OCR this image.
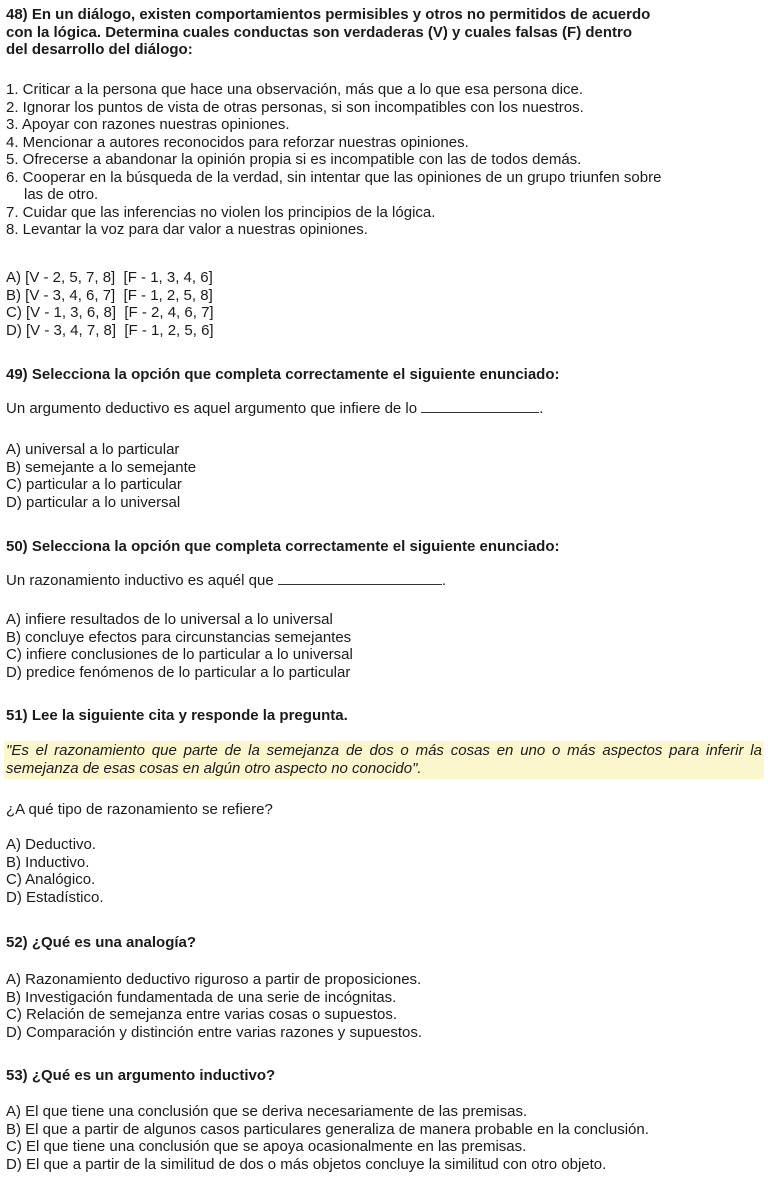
48) En un diálogo, existen comportamientos permisibles y otros no permitidos de acuerdo

con la lógica. Determina cuales conductas son verdaderas (V) y cuales falsas (F) dentro

del desarrollo del diálogo:

1. Criticar a la persona que hace una observación, más que a lo que esa persona dice.

2. Ignorar los puntos de vista de otras personas, si son incompatibles con los nuestros.

3. Apoyar con razones nuestras opiniones.

4. Mencionar a autores reconocidos para reforzar nuestras opiniones.

5. Ofrecerse a abandonar la opinión propia si es incompatible con las de todos demás.

6. Cooperar en la búsqueda de la verdad, sin intentar que las opiniones de un grupo triunfen sobre

las de otro.

7. Cuidar que las inferencias no violen los principios de la lógica.

8. Levantar la voz para dar valor a nuestras opiniones.

A) [V - 2, 5, 7, 8]  [F - 1, 3, 4, 6]

B) [V - 3, 4, 6, 7]  [F - 1, 2, 5, 8]

C) [V - 1, 3, 6, 8]  [F - 2, 4, 6, 7]

D) [V - 3, 4, 7, 8]  [F - 1, 2, 5, 6]

49) Selecciona la opción que completa correctamente el siguiente enunciado:

Un argumento deductivo es aquel argumento que infiere de lo	.

A) universal a lo particular

B) semejante a lo semejante

C) particular a lo particular

D) particular a lo universal

50) Selecciona la opción que completa correctamente el siguiente enunciado:

Un razonamiento inductivo es aquél que	.

A) infiere resultados de lo universal a lo universal

B) concluye efectos para circunstancias semejantes

C) infiere conclusiones de lo particular a lo universal

D) predice fenómenos de lo particular a lo particular

51) Lee la siguiente cita y responde la pregunta.

"Es el razonamiento que parte de la semejanza de dos o más cosas en uno o más aspectos para inferir la semejanza de esas cosas en algún otro aspecto no conocido".

¿A qué tipo de razonamiento se refiere?

A) Deductivo.

B) Inductivo.

C) Analógico.

D) Estadístico.

52) ¿Qué es una analogía?

A) Razonamiento deductivo riguroso a partir de proposiciones.

B) Investigación fundamentada de una serie de incógnitas.

C) Relación de semejanza entre varias cosas o supuestos.

D) Comparación y distinción entre varias razones y supuestos.

53) ¿Qué es un argumento inductivo?

A) El que tiene una conclusión que se deriva necesariamente de las premisas.

B) El que a partir de algunos casos particulares generaliza de manera probable en la conclusión.

C) El que tiene una conclusión que se apoya ocasionalmente en las premisas.

D) El que a partir de la similitud de dos o más objetos concluye la similitud con otro objeto.
